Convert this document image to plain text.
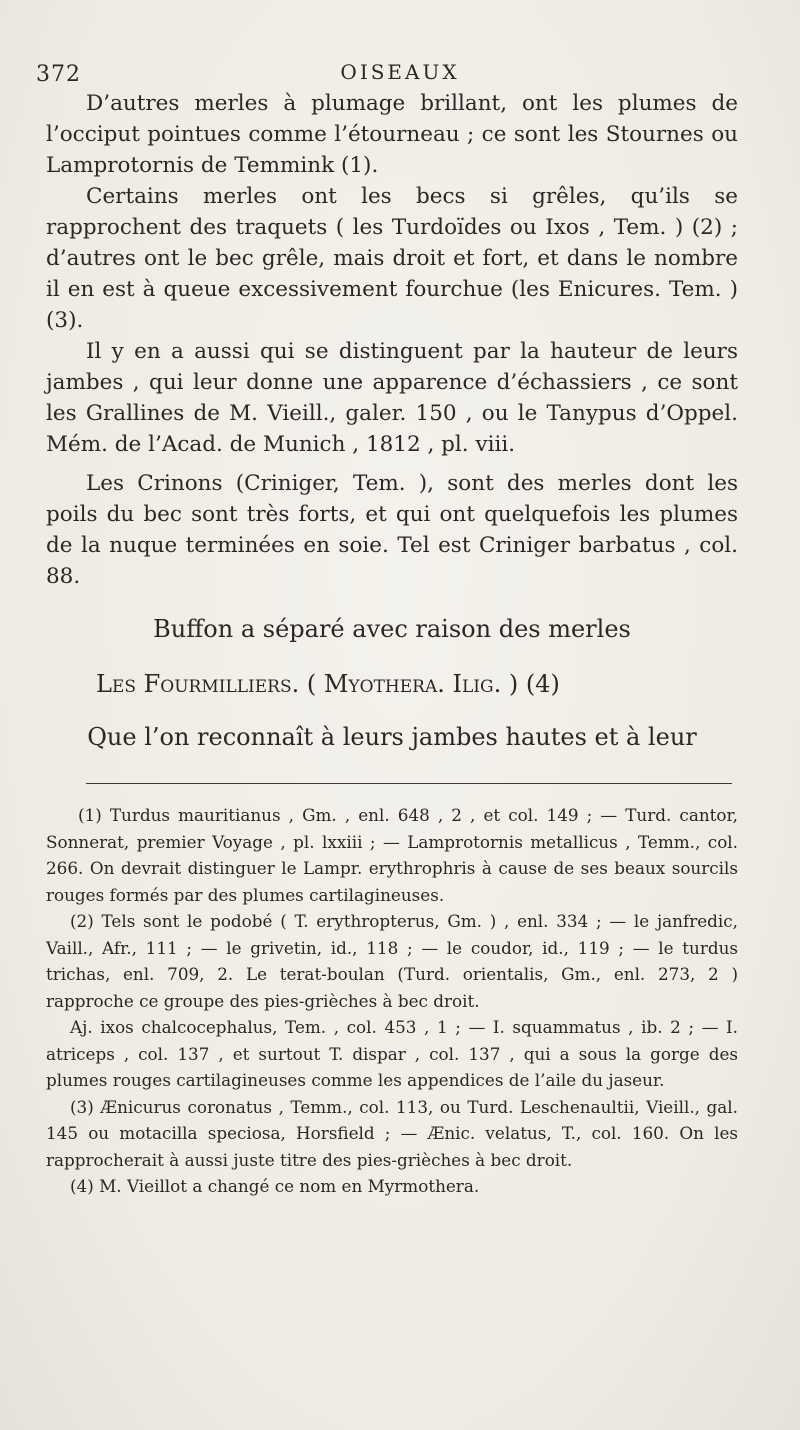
372	OISEAUX

D’autres merles à plumage brillant, ont les plumes de l’occiput pointues comme l’étourneau ; ce sont les Stournes ou Lamprotornis de Temmink (1).

Certains merles ont les becs si grêles, qu’ils se rapprochent des traquets ( les Turdoïdes ou Ixos , Tem. ) (2) ; d’autres ont le bec grêle, mais droit et fort, et dans le nombre il en est à queue excessivement fourchue (les Enicures. Tem. ) (3).

Il y en a aussi qui se distinguent par la hauteur de leurs jambes , qui leur donne une apparence d’échassiers , ce sont les Grallines de M. Vieill., galer. 150 , ou le Tanypus d’Oppel. Mém. de l’Acad. de Munich , 1812 , pl. viii.

Les Crinons (Criniger, Tem. ), sont des merles dont les poils du bec sont très forts, et qui ont quelquefois les plumes de la nuque terminées en soie. Tel est Criniger barbatus , col. 88.

Buffon a séparé avec raison des merles

Les Fourmilliers. ( Myothera. Ilig. ) (4)

Que l’on reconnaît à leurs jambes hautes et à leur

(1) Turdus mauritianus , Gm. , enl. 648 , 2 , et col. 149 ; — Turd. cantor, Sonnerat, premier Voyage , pl. lxxiii ; — Lamprotornis metallicus , Temm., col. 266. On devrait distinguer le Lampr. erythrophris à cause de ses beaux sourcils rouges formés par des plumes cartilagineuses.

(2) Tels sont le podobé ( T. erythropterus, Gm. ) , enl. 334 ; — le janfredic, Vaill., Afr., 111 ; — le grivetin, id., 118 ; — le coudor, id., 119 ; — le turdus trichas, enl. 709, 2. Le terat-boulan (Turd. orientalis, Gm., enl. 273, 2 ) rapproche ce groupe des pies-grièches à bec droit.

Aj. ixos chalcocephalus, Tem. , col. 453 , 1 ; — I. squammatus , ib. 2 ; — I. atriceps , col. 137 , et surtout T. dispar , col. 137 , qui a sous la gorge des plumes rouges cartilagineuses comme les appendices de l’aile du jaseur.

(3) Ænicurus coronatus , Temm., col. 113, ou Turd. Leschenaultii, Vieill., gal. 145 ou motacilla speciosa, Horsfield ; — Ænic. velatus, T., col. 160. On les rapprocherait à aussi juste titre des pies-grièches à bec droit.

(4) M. Vieillot a changé ce nom en Myrmothera.
